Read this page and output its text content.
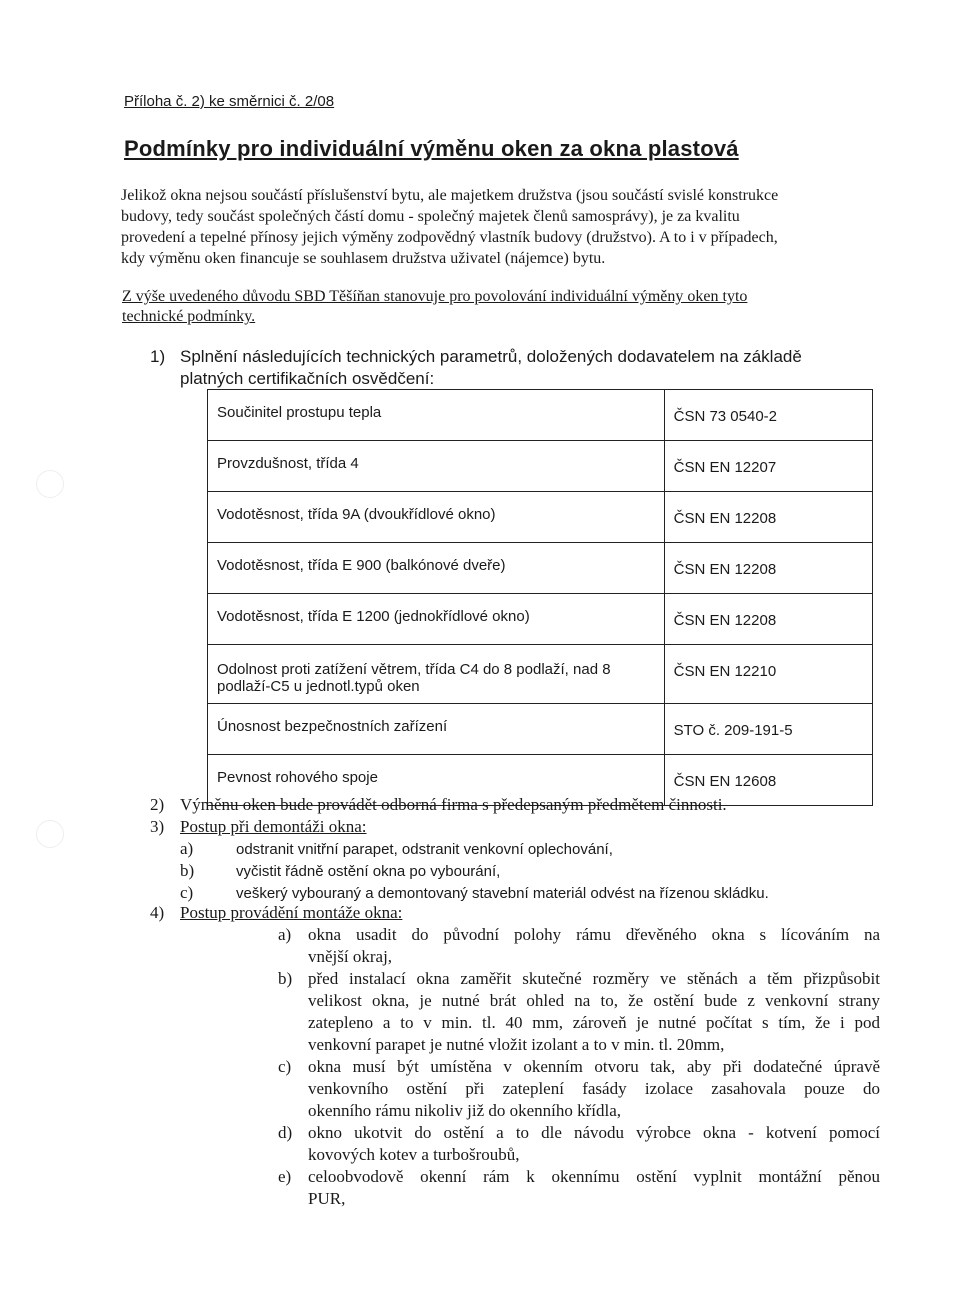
Příloha č. 2) ke směrnici č. 2/08
Podmínky pro individuální výměnu oken za okna plastová
Jelikož okna nejsou součástí příslušenství bytu, ale majetkem družstva (jsou součástí svislé konstrukce
budovy, tedy součást společných částí domu - společný majetek členů samosprávy), je za kvalitu
provedení a tepelné přínosy jejich výměny zodpovědný vlastník budovy (družstvo). A to i v případech,
kdy výměnu oken financuje se souhlasem družstva uživatel (nájemce) bytu.
Z výše uvedeného důvodu SBD Těšíňan stanovuje pro povolování individuální výměny oken tyto
technické podmínky.
1) Splnění následujících technických parametrů, doložených dodavatelem na základě
platných certifikačních osvědčení:
Součinitel prostupu tepla	ČSN 73 0540-2
Provzdušnost, třída 4	ČSN EN 12207
Vodotěsnost, třída 9A (dvoukřídlové okno)	ČSN EN 12208
Vodotěsnost, třída E 900 (balkónové dveře)	ČSN EN 12208
Vodotěsnost, třída E 1200 (jednokřídlové okno)	ČSN EN 12208
Odolnost proti zatížení větrem, třída C4 do 8 podlaží, nad 8 podlaží-C5 u jednotl.typů oken	ČSN EN 12210
Únosnost bezpečnostních zařízení	STO č. 209-191-5
Pevnost rohového spoje	ČSN EN 12608
2) Výměnu oken bude provádět odborná firma s předepsaným předmětem činnosti.
3) Postup při demontáži okna:
a)	odstranit vnitřní parapet, odstranit venkovní oplechování,
b)	vyčistit řádně ostění okna po vybourání,
c)	veškerý vybouraný a demontovaný stavební materiál odvést na řízenou skládku.
4) Postup provádění montáže okna:
a) okna usadit do původní polohy rámu dřevěného okna s lícováním na
vnější okraj,
b) před instalací okna zaměřit skutečné rozměry ve stěnách a těm přizpůsobit
velikost okna, je nutné brát ohled na to, že ostění bude z venkovní strany
zatepleno a to v min. tl. 40 mm, zároveň je nutné počítat s tím, že i pod
venkovní parapet je nutné vložit izolant a to v min. tl. 20mm,
c) okna musí být umístěna v okenním otvoru tak, aby při dodatečné úpravě
venkovního ostění při zateplení fasády izolace zasahovala pouze do
okenního rámu nikoliv již do okenního křídla,
d) okno ukotvit do ostění a to dle návodu výrobce okna - kotvení pomocí
kovových kotev a turbošroubů,
e) celoobvodově okenní rám k okennímu ostění vyplnit montážní pěnou
PUR,
